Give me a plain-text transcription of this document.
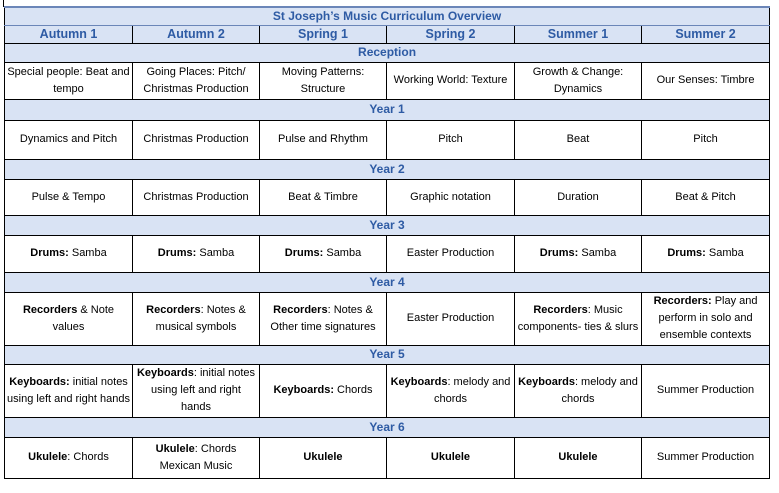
St Joseph’s Music Curriculum Overview					
Autumn 1	Autumn 2	Spring 1	Spring 2	Summer 1	Summer 2
Reception					
Special people: Beat and tempo	Going Places: Pitch/ Christmas Production	Moving Patterns: Structure	Working World: Texture	Growth & Change: Dynamics	Our Senses: Timbre
Year 1					
Dynamics and Pitch	Christmas Production	Pulse and Rhythm	Pitch	Beat	Pitch
Year 2					
Pulse & Tempo	Christmas Production	Beat & Timbre	Graphic notation	Duration	Beat & Pitch
Year 3					
Drums: Samba	Drums: Samba	Drums: Samba	Easter Production	Drums: Samba	Drums: Samba
Year 4					
Recorders & Note values	Recorders: Notes & musical symbols	Recorders: Notes & Other time signatures	Easter Production	Recorders: Music components- ties & slurs	Recorders: Play and perform in solo and ensemble contexts
Year 5					
Keyboards: initial notes using left and right hands	Keyboards: initial notes using left and right hands	Keyboards: Chords	Keyboards: melody and chords	Keyboards: melody and chords	Summer Production
Year 6					
Ukulele: Chords	Ukulele: Chords Mexican Music	Ukulele	Ukulele	Ukulele	Summer Production
